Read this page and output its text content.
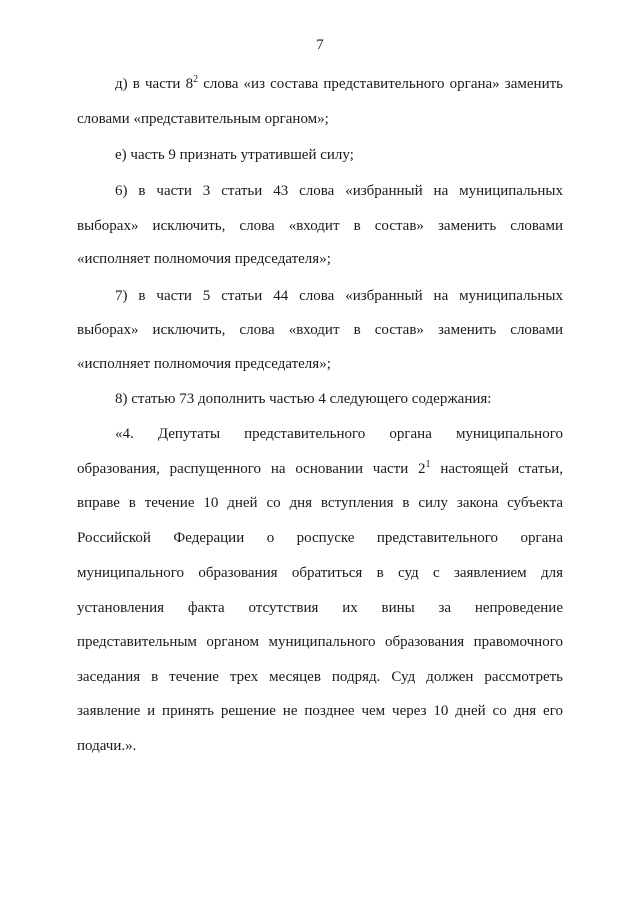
7
д) в части $8^2$ слова «из состава представительного органа» заменить
словами «представительным органом»;
е) часть 9 признать утратившей силу;
6) в части 3 статьи 43 слова «избранный на муниципальных
выборах» исключить, слова «входит в состав» заменить словами
«исполняет полномочия председателя»;
7) в части 5 статьи 44 слова «избранный на муниципальных
выборах» исключить, слова «входит в состав» заменить словами
«исполняет полномочия председателя»;
8) статью 73 дополнить частью 4 следующего содержания:
«4. Депутаты представительного органа муниципального
образования, распущенного на основании части $2^1$ настоящей статьи,
вправе в течение 10 дней со дня вступления в силу закона субъекта
Российской Федерации о роспуске представительного органа
муниципального образования обратиться в суд с заявлением для
установления факта отсутствия их вины за непроведение
представительным органом муниципального образования правомочного
заседания в течение трех месяцев подряд. Суд должен рассмотреть
заявление и принять решение не позднее чем через 10 дней со дня его
подачи.».
